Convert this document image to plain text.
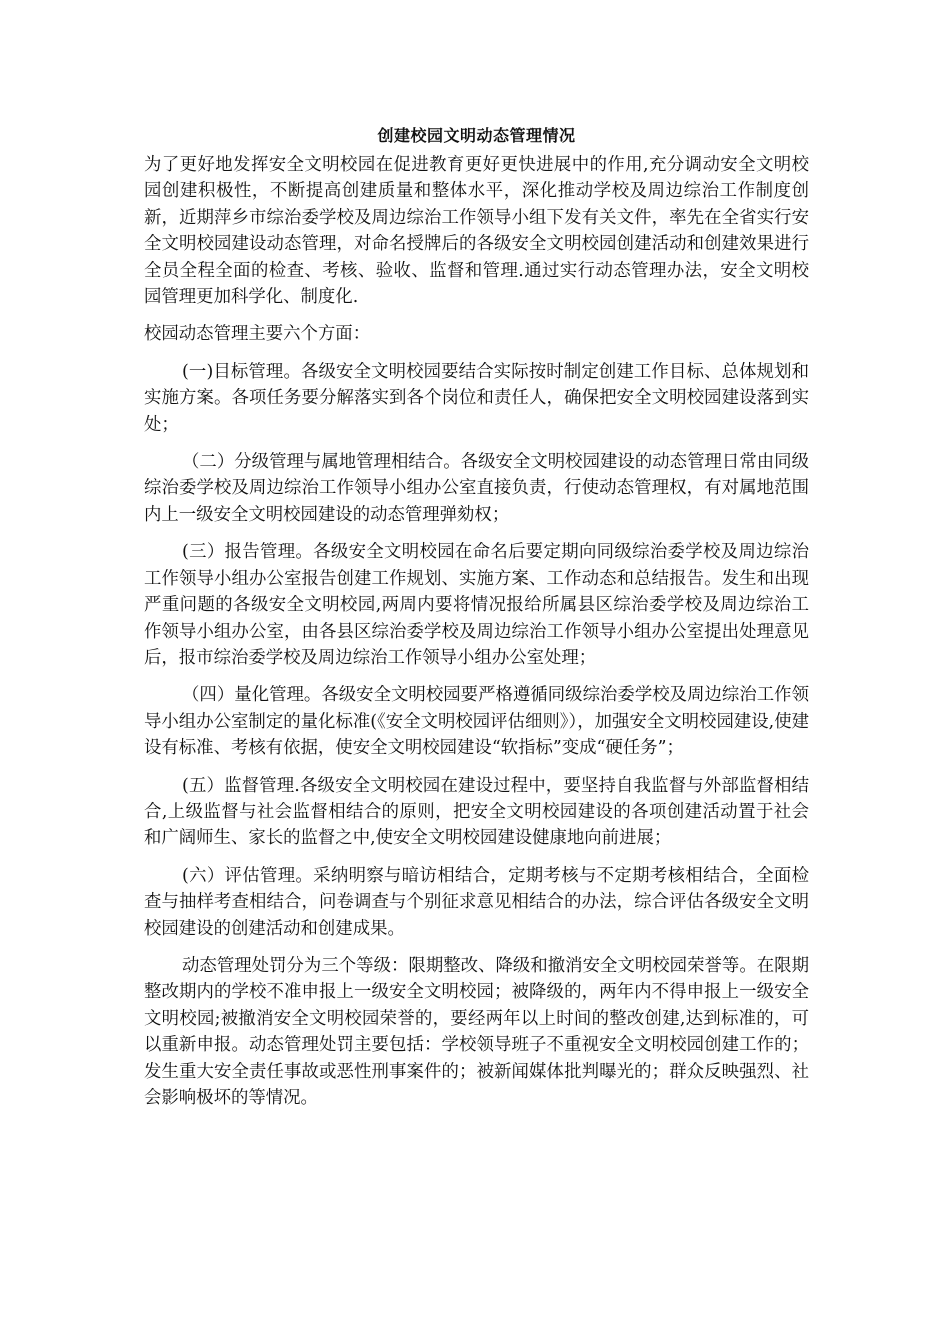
创建校园文明动态管理情况

为了更好地发挥安全文明校园在促进教育更好更快进展中的作用,充分调动安全文明校园创建积极性，不断提高创建质量和整体水平，深化推动学校及周边综治工作制度创新，近期萍乡市综治委学校及周边综治工作领导小组下发有关文件，率先在全省实行安全文明校园建设动态管理，对命名授牌后的各级安全文明校园创建活动和创建效果进行全员全程全面的检查、考核、验收、监督和管理.通过实行动态管理办法，安全文明校园管理更加科学化、制度化.

校园动态管理主要六个方面：

(一)目标管理。各级安全文明校园要结合实际按时制定创建工作目标、总体规划和实施方案。各项任务要分解落实到各个岗位和责任人，确保把安全文明校园建设落到实处；

（二）分级管理与属地管理相结合。各级安全文明校园建设的动态管理日常由同级综治委学校及周边综治工作领导小组办公室直接负责，行使动态管理权，有对属地范围内上一级安全文明校园建设的动态管理弹劾权；

(三）报告管理。各级安全文明校园在命名后要定期向同级综治委学校及周边综治工作领导小组办公室报告创建工作规划、实施方案、工作动态和总结报告。发生和出现严重问题的各级安全文明校园,两周内要将情况报给所属县区综治委学校及周边综治工作领导小组办公室，由各县区综治委学校及周边综治工作领导小组办公室提出处理意见后，报市综治委学校及周边综治工作领导小组办公室处理；

（四）量化管理。各级安全文明校园要严格遵循同级综治委学校及周边综治工作领导小组办公室制定的量化标准(《安全文明校园评估细则》），加强安全文明校园建设,使建设有标准、考核有依据，使安全文明校园建设“软指标”变成“硬任务”；

(五）监督管理.各级安全文明校园在建设过程中，要坚持自我监督与外部监督相结合,上级监督与社会监督相结合的原则，把安全文明校园建设的各项创建活动置于社会和广阔师生、家长的监督之中,使安全文明校园建设健康地向前进展；

(六）评估管理。采纳明察与暗访相结合，定期考核与不定期考核相结合，全面检查与抽样考查相结合，问卷调查与个别征求意见相结合的办法，综合评估各级安全文明校园建设的创建活动和创建成果。

动态管理处罚分为三个等级：限期整改、降级和撤消安全文明校园荣誉等。在限期整改期内的学校不准申报上一级安全文明校园；被降级的，两年内不得申报上一级安全文明校园;被撤消安全文明校园荣誉的，要经两年以上时间的整改创建,达到标准的，可以重新申报。动态管理处罚主要包括：学校领导班子不重视安全文明校园创建工作的；发生重大安全责任事故或恶性刑事案件的；被新闻媒体批判曝光的；群众反映强烈、社会影响极坏的等情况。
